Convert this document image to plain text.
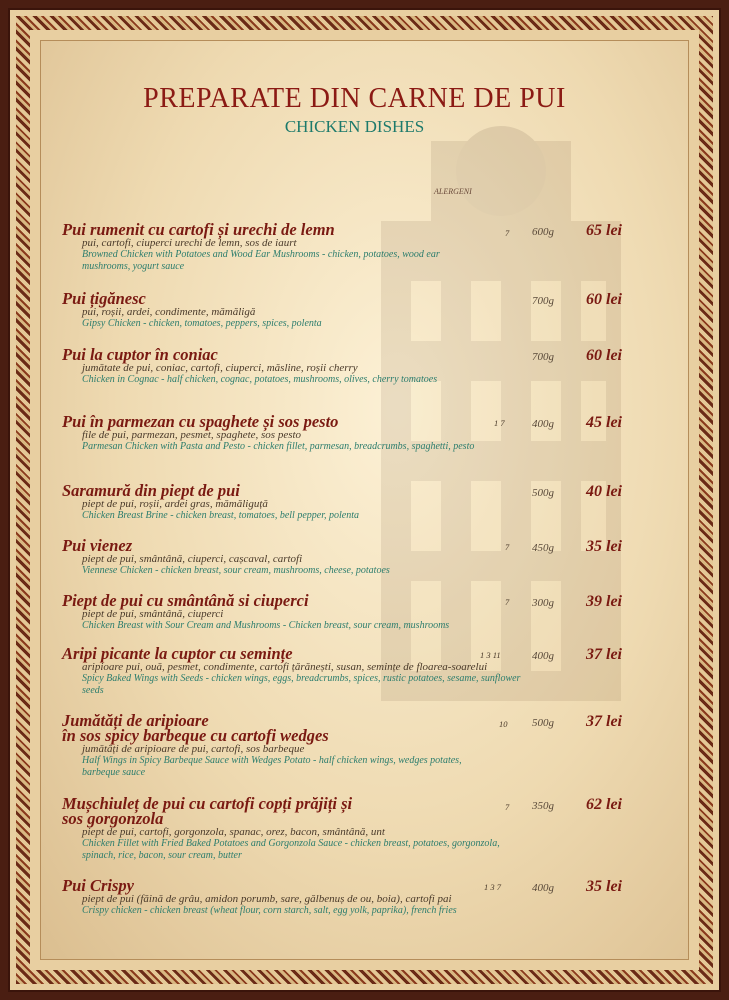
PREPARATE DIN CARNE DE PUI
CHICKEN DISHES
ALERGENI
Pui rumenit cu cartofi și urechi de lemn
pui, cartofi, ciuperci urechi de lemn, sos de iaurt
Browned Chicken with Potatoes and Wood Ear Mushrooms - chicken, potatoes, wood ear mushrooms, yogurt sauce
7 600g 65 lei
Pui țigănesc
pui, roșii, ardei, condimente, mămăligă
Gipsy Chicken - chicken, tomatoes, peppers, spices, polenta
700g 60 lei
Pui la cuptor în coniac
jumătate de pui, coniac, cartofi, ciuperci, măsline, roșii cherry
Chicken in Cognac - half chicken, cognac, potatoes, mushrooms, olives, cherry tomatoes
700g 60 lei
Pui în parmezan cu spaghete și sos pesto
file de pui, parmezan, pesmet, spaghete, sos pesto
Parmesan Chicken with Pasta and Pesto - chicken fillet, parmesan, breadcrumbs, spaghetti, pesto
1 7 400g 45 lei
Saramură din piept de pui
piept de pui, roșii, ardei gras, mămăliguță
Chicken Breast Brine - chicken breast, tomatoes, bell pepper, polenta
500g 40 lei
Pui vienez
piept de pui, smântână, ciuperci, cașcaval, cartofi
Viennese Chicken - chicken breast, sour cream, mushrooms, cheese, potatoes
7 450g 35 lei
Piept de pui cu smântână si ciuperci
piept de pui, smântână, ciuperci
Chicken Breast with Sour Cream and Mushrooms - Chicken breast, sour cream, mushrooms
7 300g 39 lei
Aripi picante la cuptor cu semințe
aripioare pui, ouă, pesmet, condimente, cartofi țărănești, susan, semințe de floarea-soarelui
Spicy Baked Wings with Seeds - chicken wings, eggs, breadcrumbs, spices, rustic potatoes, sesame, sunflower seeds
1 3 11	400g 37 lei
Jumătăți de aripioare
în sos spicy barbeque cu cartofi wedges
jumătăți de aripioare de pui, cartofi, sos barbeque
Half Wings in Spicy Barbeque Sauce with Wedges Potato - half chicken wings, wedges potates, barbeque sauce
10 500g 37 lei
Mușchiuleț de pui cu cartofi copți prăjiți și
sos gorgonzola
piept de pui, cartofi, gorgonzola, spanac, orez, bacon, smântână, unt
Chicken Fillet with Fried Baked Potatoes and Gorgonzola Sauce - chicken breast, potatoes, gorgonzola, spinach, rice, bacon, sour cream, butter
7 350g 62 lei
Pui Crispy
piept de pui (făină de grâu, amidon porumb, sare, gălbenuș de ou, boia), cartofi pai
Crispy chicken - chicken breast (wheat flour, corn starch, salt, egg yolk, paprika), french fries
1 3 7	400g 35 lei
